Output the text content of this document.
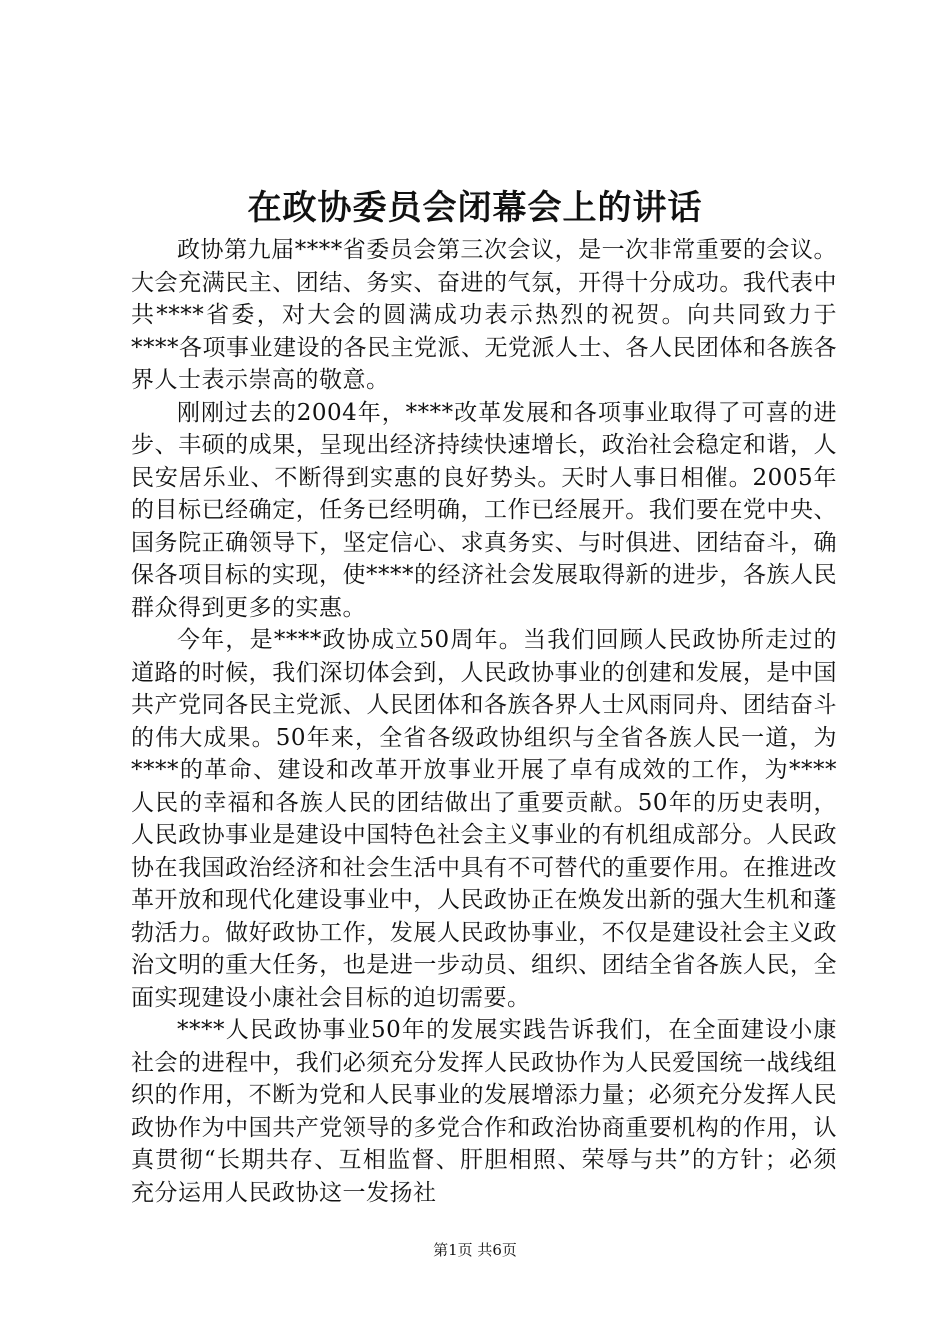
在政协委员会闭幕会上的讲话

政协第九届****省委员会第三次会议，是一次非常重要的会议。大会充满民主、团结、务实、奋进的气氛，开得十分成功。我代表中共****省委，对大会的圆满成功表示热烈的祝贺。向共同致力于****各项事业建设的各民主党派、无党派人士、各人民团体和各族各界人士表示崇高的敬意。

刚刚过去的2004年，****改革发展和各项事业取得了可喜的进步、丰硕的成果，呈现出经济持续快速增长，政治社会稳定和谐，人民安居乐业、不断得到实惠的良好势头。天时人事日相催。2005年的目标已经确定，任务已经明确，工作已经展开。我们要在党中央、国务院正确领导下，坚定信心、求真务实、与时俱进、团结奋斗，确保各项目标的实现，使****的经济社会发展取得新的进步，各族人民群众得到更多的实惠。

今年，是****政协成立50周年。当我们回顾人民政协所走过的道路的时候，我们深切体会到，人民政协事业的创建和发展，是中国共产党同各民主党派、人民团体和各族各界人士风雨同舟、团结奋斗的伟大成果。50年来，全省各级政协组织与全省各族人民一道，为****的革命、建设和改革开放事业开展了卓有成效的工作，为****人民的幸福和各族人民的团结做出了重要贡献。50年的历史表明，人民政协事业是建设中国特色社会主义事业的有机组成部分。人民政协在我国政治经济和社会生活中具有不可替代的重要作用。在推进改革开放和现代化建设事业中，人民政协正在焕发出新的强大生机和蓬勃活力。做好政协工作，发展人民政协事业，不仅是建设社会主义政治文明的重大任务，也是进一步动员、组织、团结全省各族人民，全面实现建设小康社会目标的迫切需要。

****人民政协事业50年的发展实践告诉我们，在全面建设小康社会的进程中，我们必须充分发挥人民政协作为人民爱国统一战线组织的作用，不断为党和人民事业的发展增添力量；必须充分发挥人民政协作为中国共产党领导的多党合作和政治协商重要机构的作用，认真贯彻“长期共存、互相监督、肝胆相照、荣辱与共”的方针；必须充分运用人民政协这一发扬社

第1页 共6页
